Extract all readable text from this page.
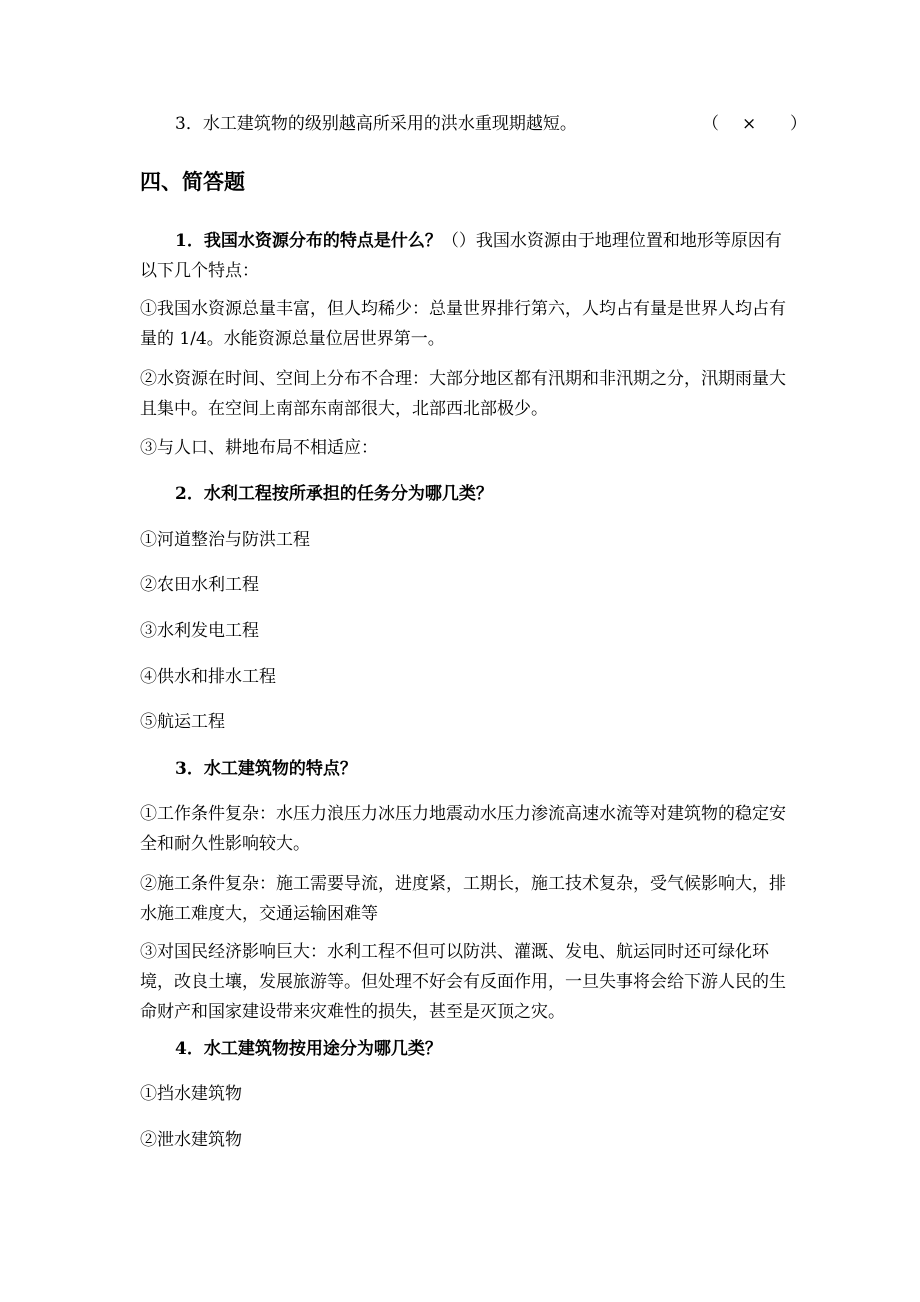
3．水工建筑物的级别越高所采用的洪水重现期越短。	（ × ）
四、简答题
1．我国水资源分布的特点是什么？（）我国水资源由于地理位置和地形等原因有以下几个特点：
①我国水资源总量丰富，但人均稀少：总量世界排行第六，人均占有量是世界人均占有量的 1/4。水能资源总量位居世界第一。
②水资源在时间、空间上分布不合理：大部分地区都有汛期和非汛期之分，汛期雨量大且集中。在空间上南部东南部很大，北部西北部极少。
③与人口、耕地布局不相适应：
2．水利工程按所承担的任务分为哪几类？
①河道整治与防洪工程
②农田水利工程
③水利发电工程
④供水和排水工程
⑤航运工程
3．水工建筑物的特点？
①工作条件复杂：水压力浪压力冰压力地震动水压力渗流高速水流等对建筑物的稳定安全和耐久性影响较大。
②施工条件复杂：施工需要导流，进度紧，工期长，施工技术复杂，受气候影响大，排水施工难度大，交通运输困难等
③对国民经济影响巨大：水利工程不但可以防洪、灌溉、发电、航运同时还可绿化环境，改良土壤，发展旅游等。但处理不好会有反面作用，一旦失事将会给下游人民的生命财产和国家建设带来灾难性的损失，甚至是灭顶之灾。
4．水工建筑物按用途分为哪几类？
①挡水建筑物
②泄水建筑物
